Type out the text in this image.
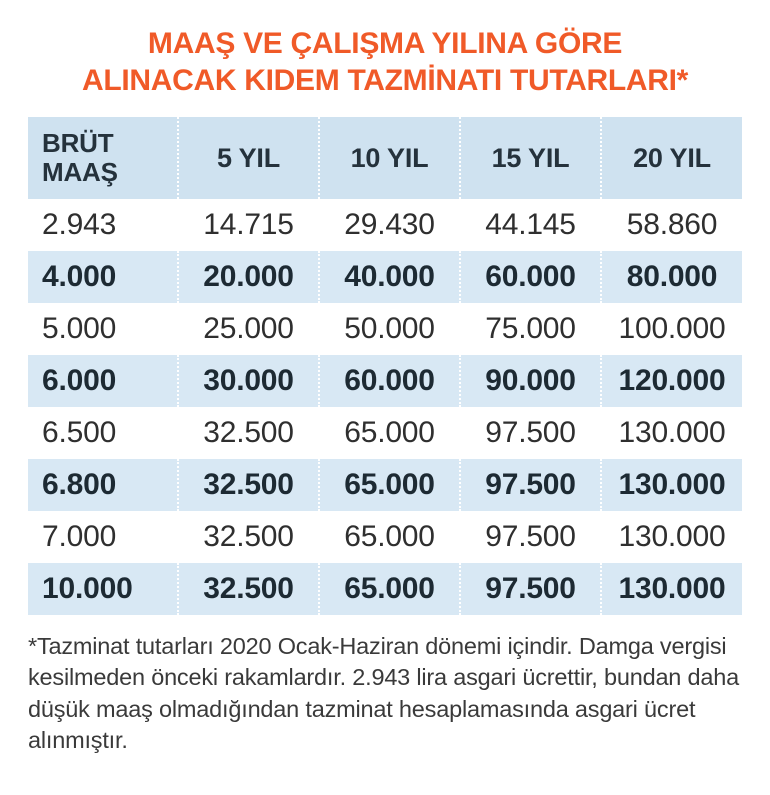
MAAŞ VE ÇALIŞMA YILINA GÖRE
ALINACAK KIDEM TAZMİNATI TUTARLARI*
BRÜT
MAAŞ	5 YIL	10 YIL	15 YIL	20 YIL
2.943	14.715	29.430	44.145	58.860
4.000	20.000	40.000	60.000	80.000
5.000	25.000	50.000	75.000	100.000
6.000	30.000	60.000	90.000	120.000
6.500	32.500	65.000	97.500	130.000
6.800	32.500	65.000	97.500	130.000
7.000	32.500	65.000	97.500	130.000
10.000	32.500	65.000	97.500	130.000

*Tazminat tutarları 2020 Ocak-Haziran dönemi içindir. Damga vergisi kesilmeden önceki rakamlardır. 2.943 lira asgari ücrettir, bundan daha düşük maaş olmadığından tazminat hesaplamasında asgari ücret alınmıştır.
